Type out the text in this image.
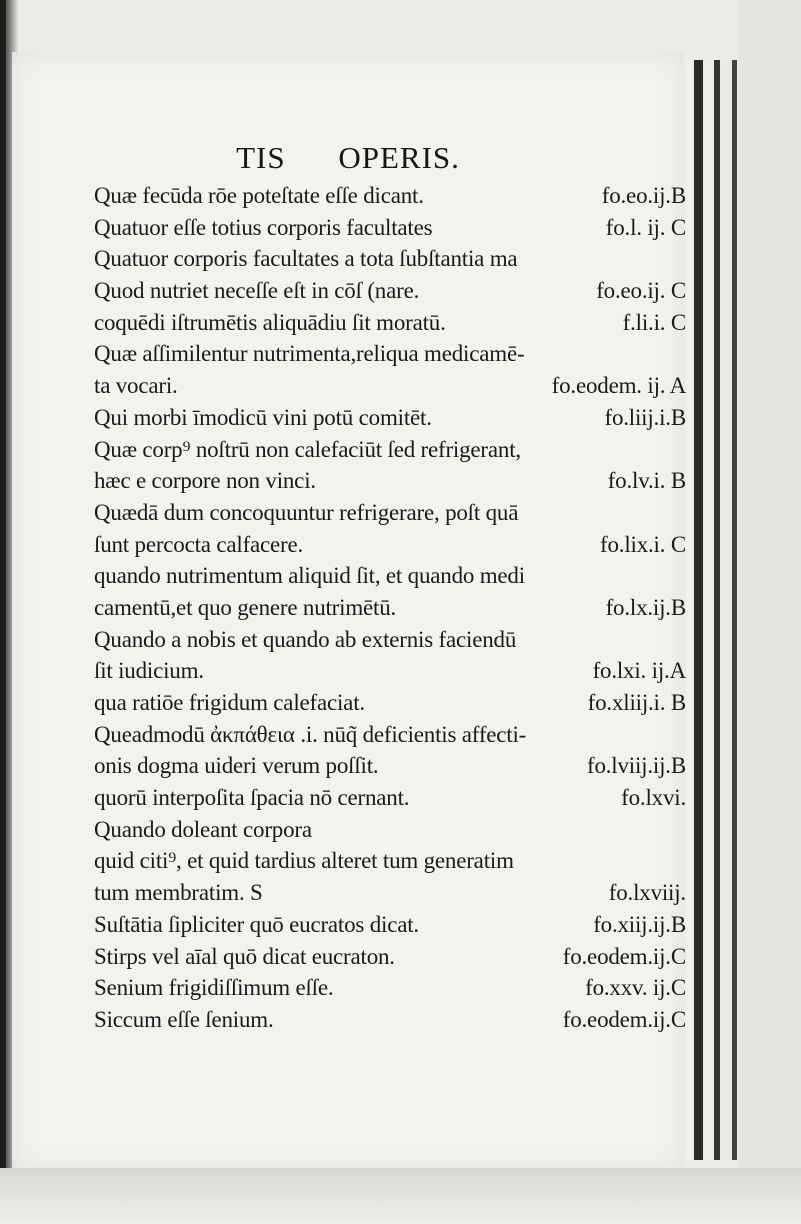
TIS OPERIS.
Quæ fecūda rōe poteſtate eſſe dicant.	fo.eo.ij.B
Quatuor eſſe totius corporis facultates	fo.l. ij. C
Quatuor corporis facultates a tota ſubſtantia ma
Quod nutriet neceſſe eſt in cōſ (nare.	fo.eo.ij. C
coquēdi iſtrumētis aliquādiu ſit moratū.	f.li.i. C
Quæ aſſimilentur nutrimenta,reliqua medicamē-
ta vocari.	fo.eodem. ij. A
Qui morbi īmodicū vini potū comitēt.	fo.liij.i.B
Quæ corp⁹ noſtrū non calefaciūt ſed refrigerant,
hæc e corpore non vinci.	fo.lv.i. B
Quædā dum concoquuntur refrigerare, poſt quā
ſunt percocta calfacere.	fo.lix.i. C
quando nutrimentum aliquid ſit, et quando medi
camentū,et quo genere nutrimētū.	fo.lx.ij.B
Quando a nobis et quando ab externis faciendū
ſit iudicium.	fo.lxi. ij.A
qua ratiōe frigidum calefaciat.	fo.xliij.i. B
Queadmodū ἀκπάθεια .i. nūq̃ deficientis affecti-
onis dogma uideri verum poſſit.	fo.lviij.ij.B
quorū interpoſita ſpacia nō cernant.	fo.lxvi.
Quando doleant corpora
quid citi⁹, et quid tardius alteret tum generatim
tum membratim. S	fo.lxviij.
Suſtātia ſipliciter quō eucratos dicat.	fo.xiij.ij.B
Stirps vel aīal quō dicat eucraton.	fo.eodem.ij.C
Senium frigidiſſimum eſſe.	fo.xxv. ij.C
Siccum eſſe ſenium.	fo.eodem.ij.C
